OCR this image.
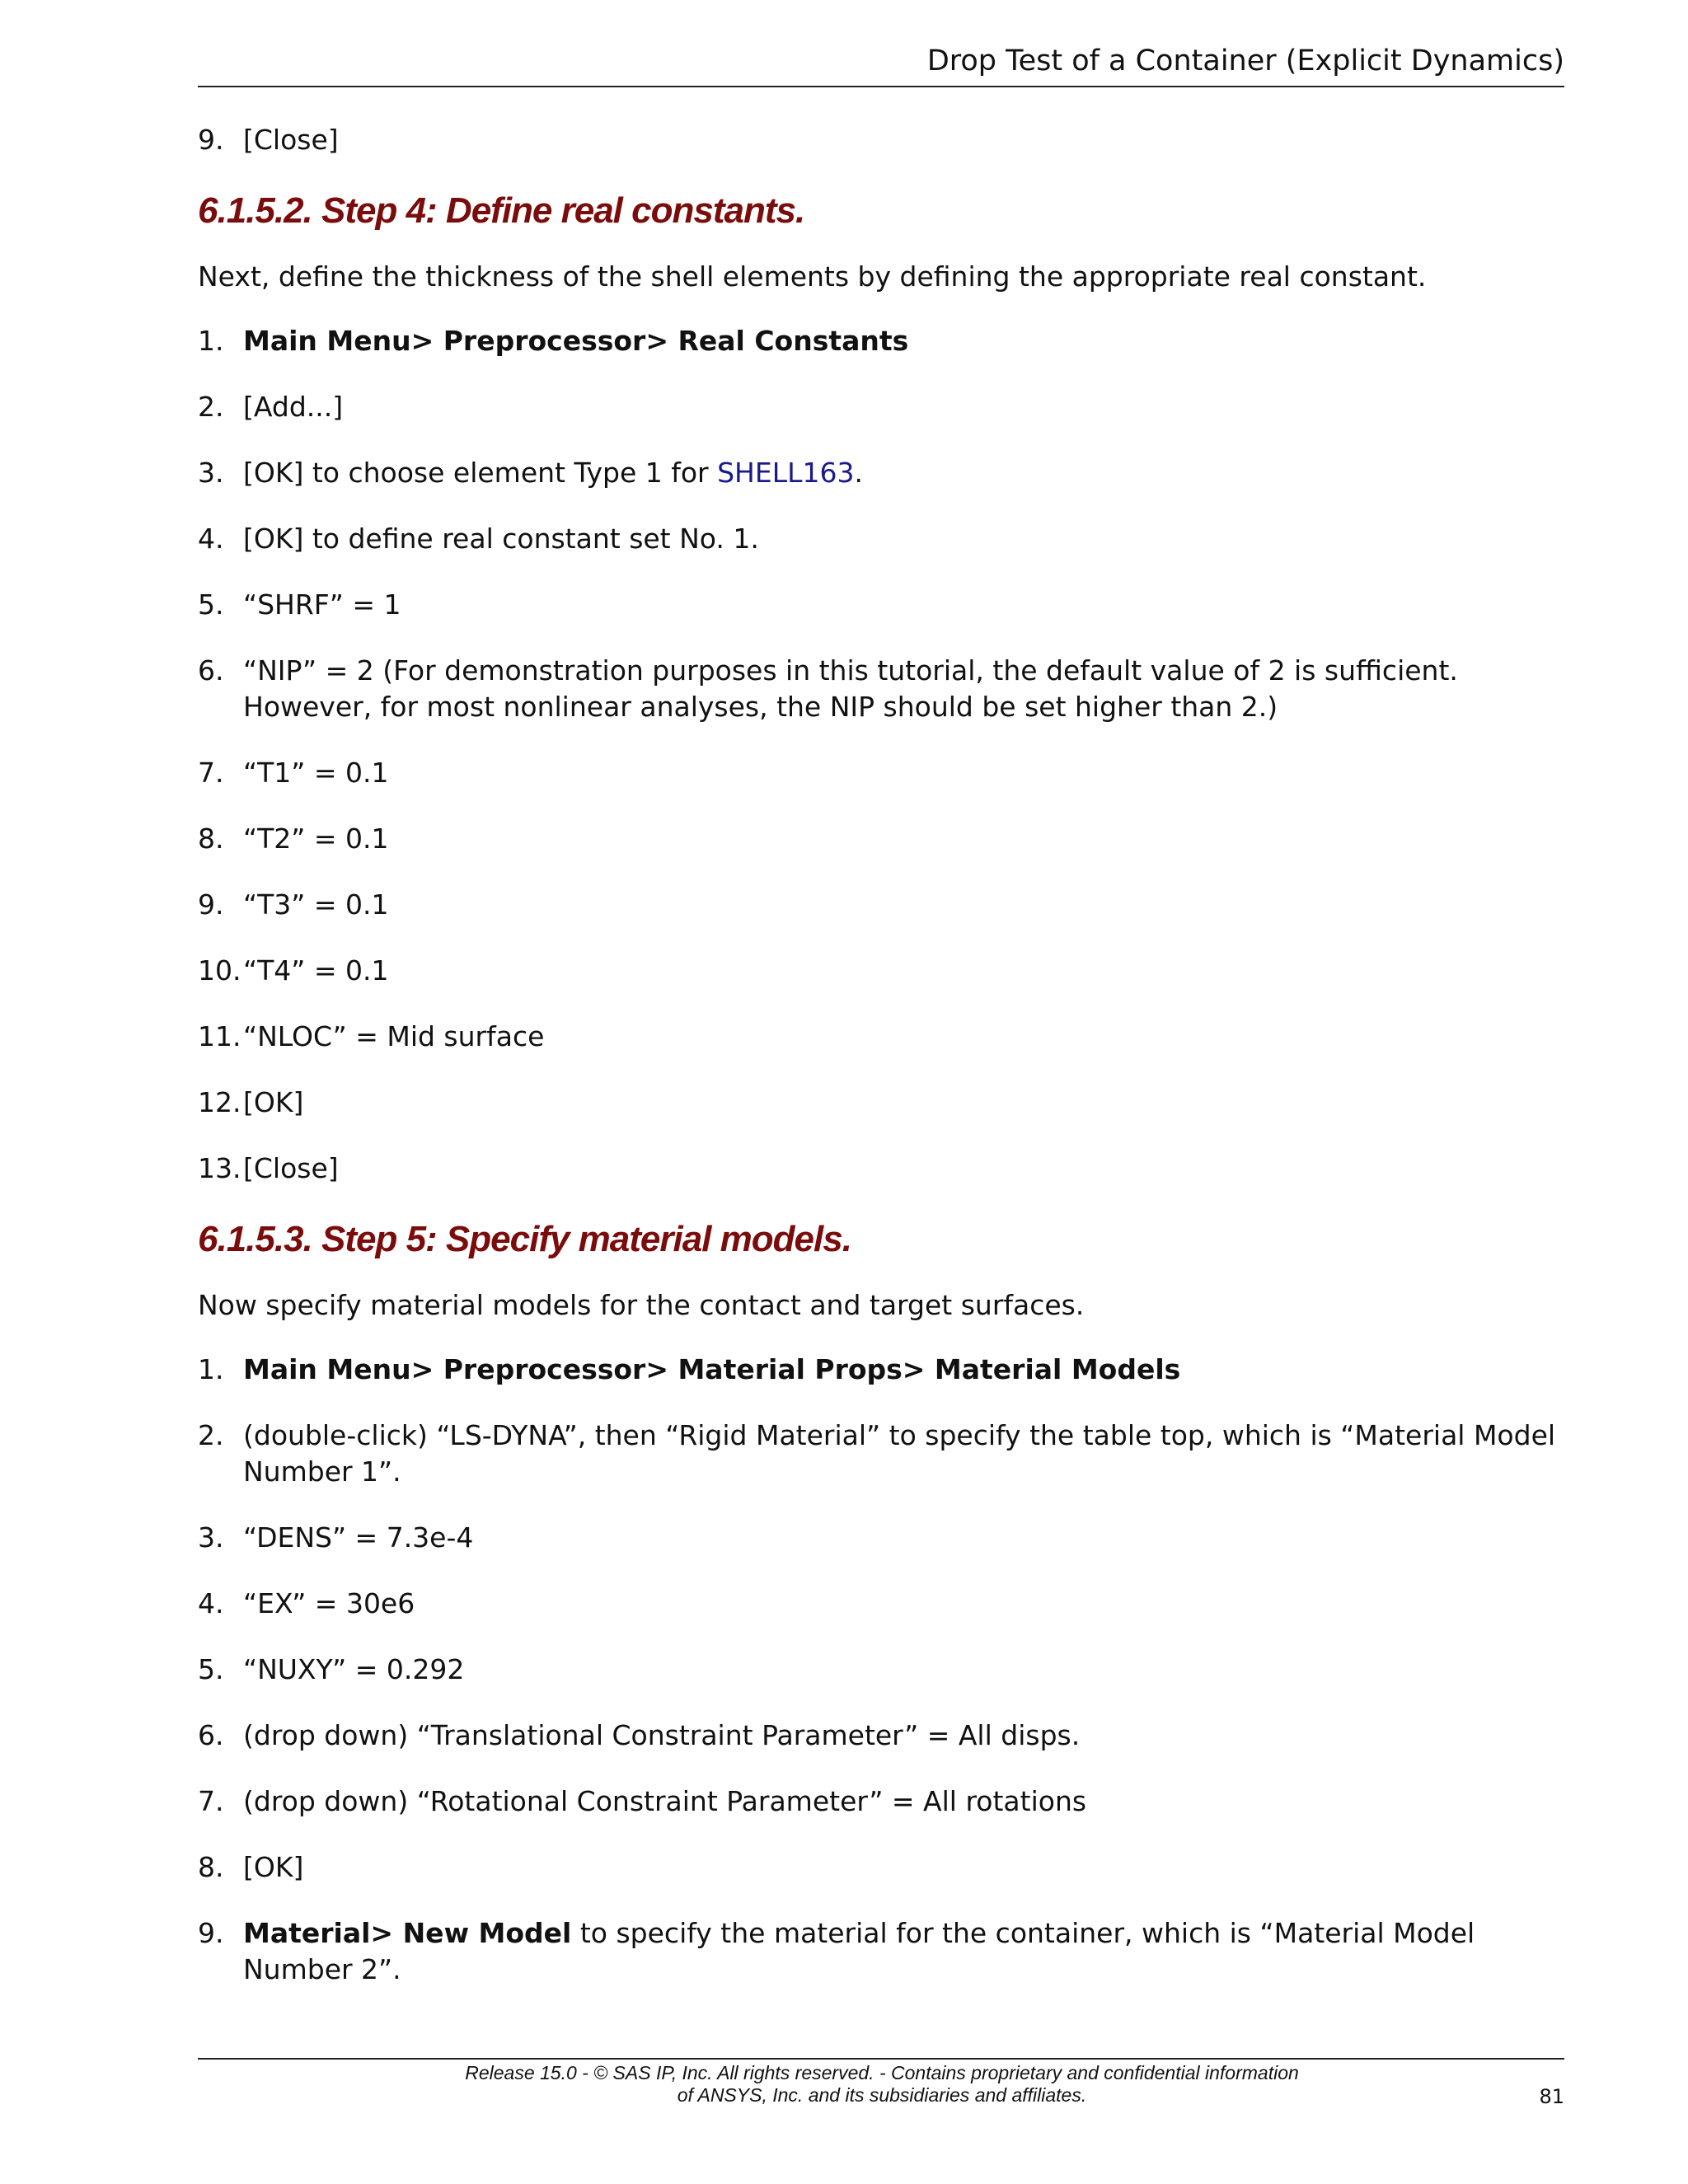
Drop Test of a Container (Explicit Dynamics)
9. [Close]
6.1.5.2. Step 4: Define real constants.
Next, define the thickness of the shell elements by defining the appropriate real constant.
1. Main Menu> Preprocessor> Real Constants
2. [Add...]
3. [OK] to choose element Type 1 for SHELL163.
4. [OK] to define real constant set No. 1.
5. “SHRF” = 1
6. “NIP” = 2 (For demonstration purposes in this tutorial, the default value of 2 is sufficient. However, for most nonlinear analyses, the NIP should be set higher than 2.)
7. “T1” = 0.1
8. “T2” = 0.1
9. “T3” = 0.1
10. “T4” = 0.1
11. “NLOC” = Mid surface
12. [OK]
13. [Close]
6.1.5.3. Step 5: Specify material models.
Now specify material models for the contact and target surfaces.
1. Main Menu> Preprocessor> Material Props> Material Models
2. (double-click) “LS-DYNA”, then “Rigid Material” to specify the table top, which is “Material Model Number 1”.
3. “DENS” = 7.3e-4
4. “EX” = 30e6
5. “NUXY” = 0.292
6. (drop down) “Translational Constraint Parameter” = All disps.
7. (drop down) “Rotational Constraint Parameter” = All rotations
8. [OK]
9. Material> New Model to specify the material for the container, which is “Material Model Number 2”.
Release 15.0 - © SAS IP, Inc. All rights reserved. - Contains proprietary and confidential information
of ANSYS, Inc. and its subsidiaries and affiliates.	81
